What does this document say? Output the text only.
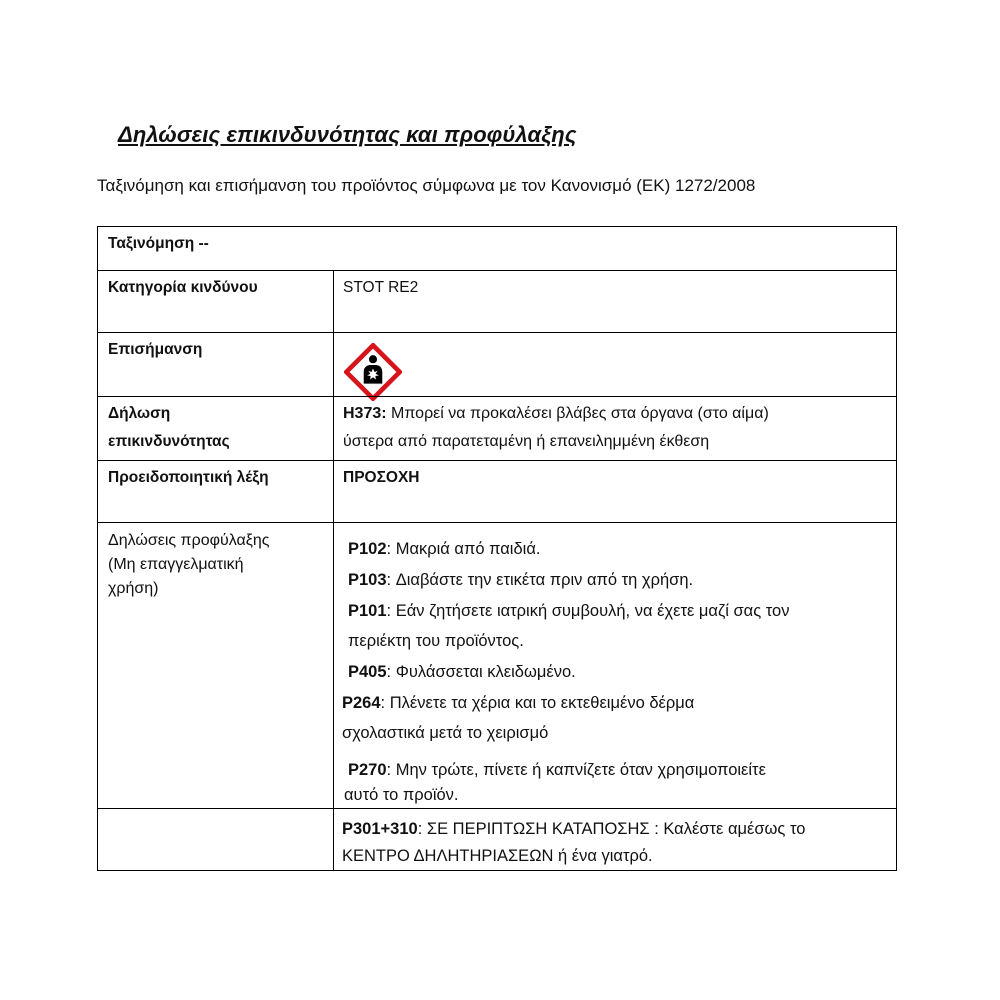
Δηλώσεις επικινδυνότητας και προφύλαξης
Ταξινόμηση και επισήμανση του προϊόντος σύμφωνα με τον Κανονισμό (ΕΚ) 1272/2008
Ταξινόμηση --
Κατηγορία κινδύνου	STOT RE2
Επισήμανση
Δήλωση
επικινδυνότητας
H373: Μπορεί να προκαλέσει βλάβες στα όργανα (στο αίμα)
ύστερα από παρατεταμένη ή επανειλημμένη έκθεση
Προειδοποιητική λέξη	ΠΡΟΣΟΧΗ
Δηλώσεις προφύλαξης
(Μη επαγγελματική
χρήση)
P102: Μακριά από παιδιά.
P103: Διαβάστε την ετικέτα πριν από τη χρήση.
P101: Εάν ζητήσετε ιατρική συμβουλή, να έχετε μαζί σας τον
περιέκτη του προϊόντος.
P405: Φυλάσσεται κλειδωμένο.
P264: Πλένετε τα χέρια και το εκτεθειμένο δέρμα
σχολαστικά μετά το χειρισμό
P270: Μην τρώτε, πίνετε ή καπνίζετε όταν χρησιμοποιείτε
αυτό το προϊόν.
P301+310: ΣΕ ΠΕΡΙΠΤΩΣΗ ΚΑΤΑΠΟΣΗΣ : Καλέστε αμέσως το
ΚΕΝΤΡΟ ΔΗΛΗΤΗΡΙΑΣΕΩΝ ή ένα γιατρό.
